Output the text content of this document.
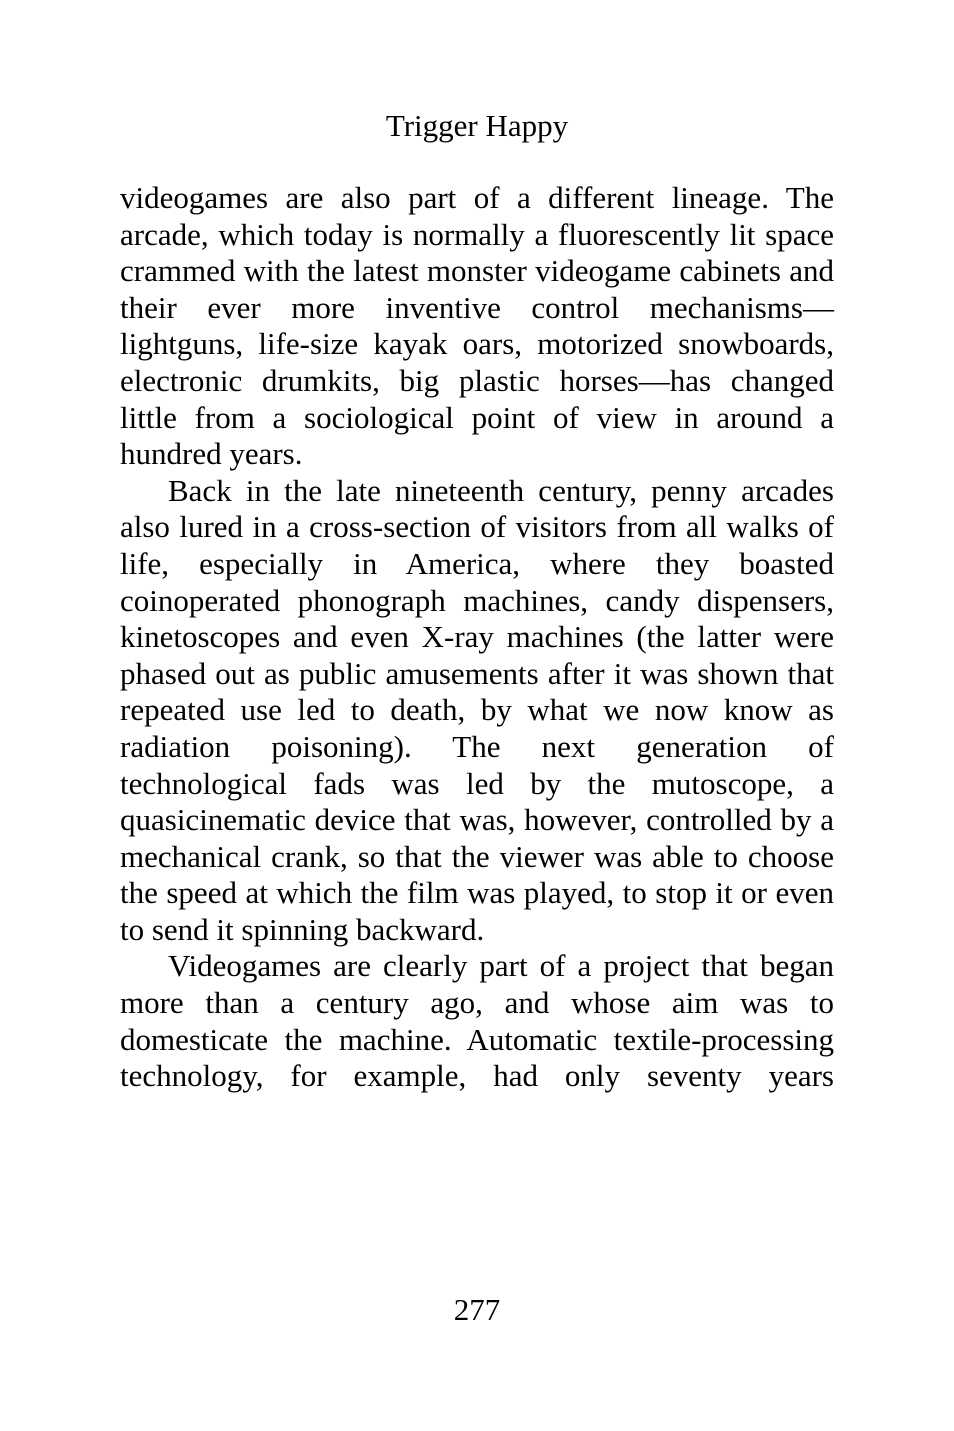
Trigger Happy

videogames are also part of a different lineage. The arcade, which today is normally a fluorescently lit space crammed with the latest monster videogame cabinets and their ever more inventive control mechanisms—lightguns, life-size kayak oars, motorized snowboards, electronic drumkits, big plastic horses—has changed little from a sociological point of view in around a hundred years.

Back in the late nineteenth century, penny arcades also lured in a cross-section of visitors from all walks of life, especially in America, where they boasted coinoperated phonograph machines, candy dispensers, kinetoscopes and even X-ray machines (the latter were phased out as public amusements after it was shown that repeated use led to death, by what we now know as radiation poisoning). The next generation of technological fads was led by the mutoscope, a quasicinematic device that was, however, controlled by a mechanical crank, so that the viewer was able to choose the speed at which the film was played, to stop it or even to send it spinning backward.

Videogames are clearly part of a project that began more than a century ago, and whose aim was to domesticate the machine. Automatic textile-processing technology, for example, had only seventy years

277
